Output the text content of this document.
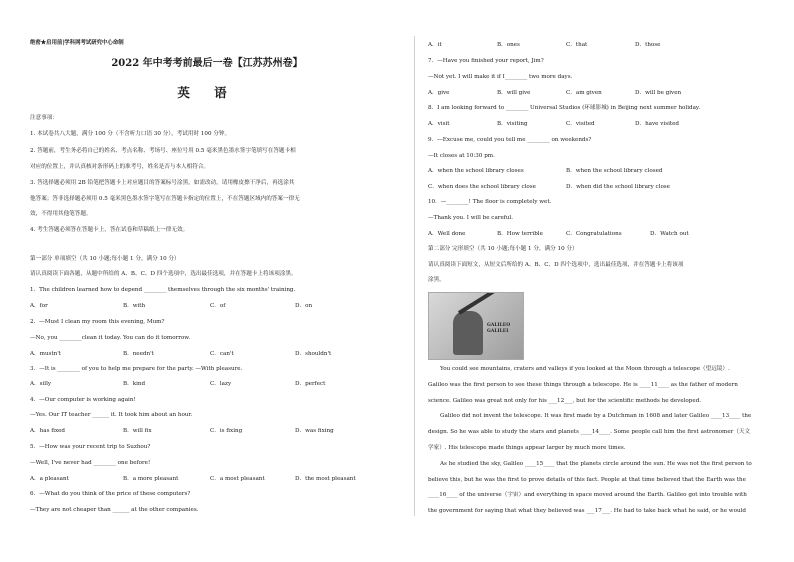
绝密★启用前|学科网考试研究中心命制
2022 年中考考前最后一卷【江苏苏州卷】
英 语
注意事项：
1. 本试卷共八大题，满分 100 分（不含听力口语 30 分），考试用时 100 分钟。
2. 答题前，考生务必将自己的姓名、考点名称、考场号、座位号用 0.5 毫米黑色墨水签字笔填写在答题卡相
对应的位置上，并认真核对条形码上的准考号，姓名是否与本人相符合。
3. 答选择题必须用 2B 铅笔把答题卡上对应题目的答案标号涂黑，如需改动，请用橡皮擦干净后，再选涂其
他答案；答非选择题必须用 0.5 毫米黑色墨水签字笔写在答题卡指定的位置上，不在答题区域内的答案一律无
效，不得用其他笔答题。
4. 考生答题必须答在答题卡上，答在试卷和草稿纸上一律无效。
第一部分 单项填空（共 10 小题;每小题 1 分，满分 10 分）
请认真阅读下面各题，从题中所给的 A、B、C、D 四个选项中，选出最佳选项，并在答题卡上将该项涂黑。
1．The children learned how to depend ________ themselves through the six months' training.
A．for	B．with	C．of	D．on
2．—Must I clean my room this evening, Mum?
—No, you ________clean it today. You can do it tomorrow.
A．mustn't	B．needn't	C．can't	D．shouldn't
3．—It is ________ of you to help me prepare for the party. —With pleasure.
A．silly	B．kind	C．lazy	D．perfect
4．—Our computer is working again!
—Yes. Our IT teacher ______ it. It took him about an hour.
A．has fixed	B．will fix	C．is fixing	D．was fixing
5．—How was your recent trip to Suzhou?
—Well, I've never had ________ one before!
A．a pleasant	B．a more pleasant	C．a most pleasant	D．the most pleasant
6．—What do you think of the price of these computers?
—They are not cheaper than ______ at the other companies.
A．it	B．ones	C．that	D．those
7．—Have you finished your report, Jim?
—Not yet. I will make it if I________ two more days.
A．give	B．will give	C．am given	D．will be given
8．I am looking forward to ________ Universal Studios (环球影城) in Beijing next summer holiday.
A．visit	B．visiting	C．visited	D．have visited
9．—Excuse me, could you tell me ________ on weekends?
—It closes at 10:30 pm.
A．when the school library closes	B．when the school library closed
C．when does the school library close	D．when did the school library close
10．—________! The floor is completely wet.
—Thank you. I will be careful.
A．Well done	B．How terrible	C．Congratulations	D．Watch out
第二部分 完形填空（共 10 小题;每小题 1 分，满分 10 分）
请认真阅读下面短文，从短文后所给的 A、B、C、D 四个选项中，选出最佳选项，并在答题卡上将该项
涂黑。
GALILEO
GALILEI
You could see mountains, craters and valleys if you looked at the Moon through a telescope（望远镜）.
Galileo was the first person to see these things through a telescope. He is ____11____ as the father of modern
science. Galileo was great not only for his ___12___, but for the scientific methods he developed.
Galileo did not invent the telescope. It was first made by a Dutchman in 1608 and later Galileo ____13____ the
design. So he was able to study the stars and planets ____14____. Some people call him the first astronomer（天文
学家）. His telescope made things appear larger by much more times.
As he studied the sky, Galileo ____15____ that the planets circle around the sun. He was not the first person to
believe this, but he was the first to prove details of this fact. People at that time believed that the Earth was the
____16____ of the universe（宇宙）and everything in space moved around the Earth. Galileo got into trouble with
the government for saying that what they believed was ___17___. He had to take back what he said, or he would
